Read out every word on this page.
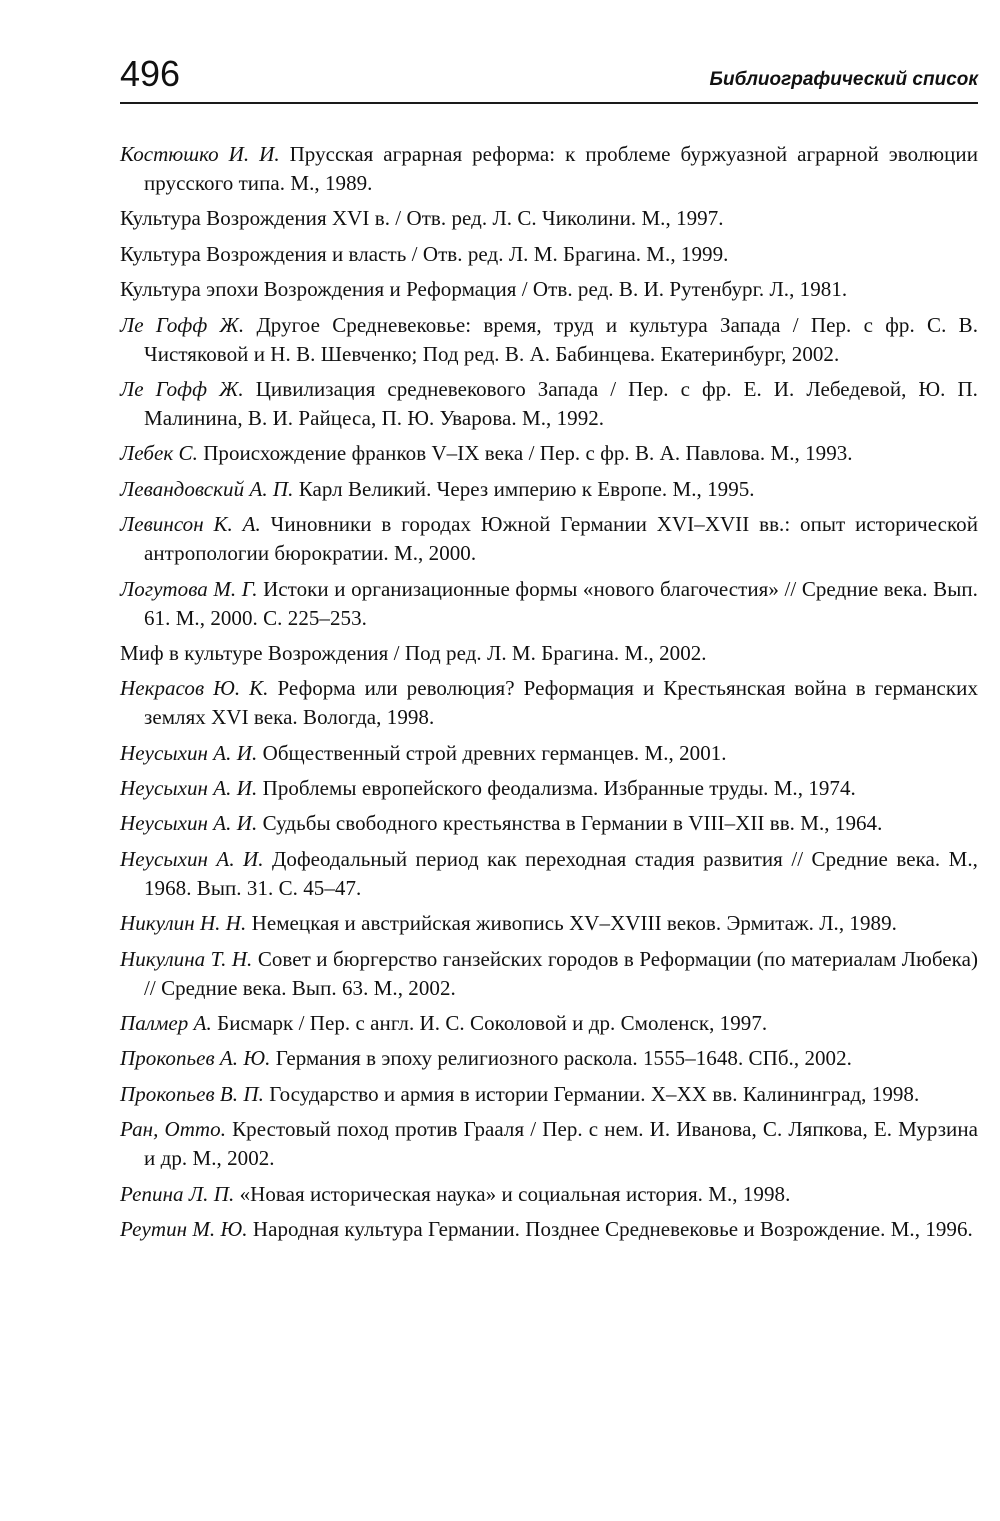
496	Библиографический список
Костюшко И. И. Прусская аграрная реформа: к проблеме буржуазной аграрной эволюции прусского типа. М., 1989.
Культура Возрождения XVI в. / Отв. ред. Л. С. Чиколини. М., 1997.
Культура Возрождения и власть / Отв. ред. Л. М. Брагина. М., 1999.
Культура эпохи Возрождения и Реформация / Отв. ред. В. И. Рутенбург. Л., 1981.
Ле Гофф Ж. Другое Средневековье: время, труд и культура Запада / Пер. с фр. С. В. Чистяковой и Н. В. Шевченко; Под ред. В. А. Бабинцева. Екатеринбург, 2002.
Ле Гофф Ж. Цивилизация средневекового Запада / Пер. с фр. Е. И. Лебедевой, Ю. П. Малинина, В. И. Райцеса, П. Ю. Уварова. М., 1992.
Лебек С. Происхождение франков V–IX века / Пер. с фр. В. А. Павлова. М., 1993.
Левандовский А. П. Карл Великий. Через империю к Европе. М., 1995.
Левинсон К. А. Чиновники в городах Южной Германии XVI–XVII вв.: опыт исторической антропологии бюрократии. М., 2000.
Логутова М. Г. Истоки и организационные формы «нового благочестия» // Средние века. Вып. 61. М., 2000. С. 225–253.
Миф в культуре Возрождения / Под ред. Л. М. Брагина. М., 2002.
Некрасов Ю. К. Реформа или революция? Реформация и Крестьянская война в германских землях XVI века. Вологда, 1998.
Неусыхин А. И. Общественный строй древних германцев. М., 2001.
Неусыхин А. И. Проблемы европейского феодализма. Избранные труды. М., 1974.
Неусыхин А. И. Судьбы свободного крестьянства в Германии в VIII–XII вв. М., 1964.
Неусыхин А. И. Дофеодальный период как переходная стадия развития // Средние века. М., 1968. Вып. 31. С. 45–47.
Никулин Н. Н. Немецкая и австрийская живопись XV–XVIII веков. Эрмитаж. Л., 1989.
Никулина Т. Н. Совет и бюргерство ганзейских городов в Реформации (по материалам Любека) // Средние века. Вып. 63. М., 2002.
Палмер А. Бисмарк / Пер. с англ. И. С. Соколовой и др. Смоленск, 1997.
Прокопьев А. Ю. Германия в эпоху религиозного раскола. 1555–1648. СПб., 2002.
Прокопьев В. П. Государство и армия в истории Германии. X–XX вв. Калининград, 1998.
Ран, Отто. Крестовый поход против Грааля / Пер. с нем. И. Иванова, С. Ляпкова, Е. Мурзина и др. М., 2002.
Репина Л. П. «Новая историческая наука» и социальная история. М., 1998.
Реутин М. Ю. Народная культура Германии. Позднее Средневековье и Возрождение. М., 1996.
